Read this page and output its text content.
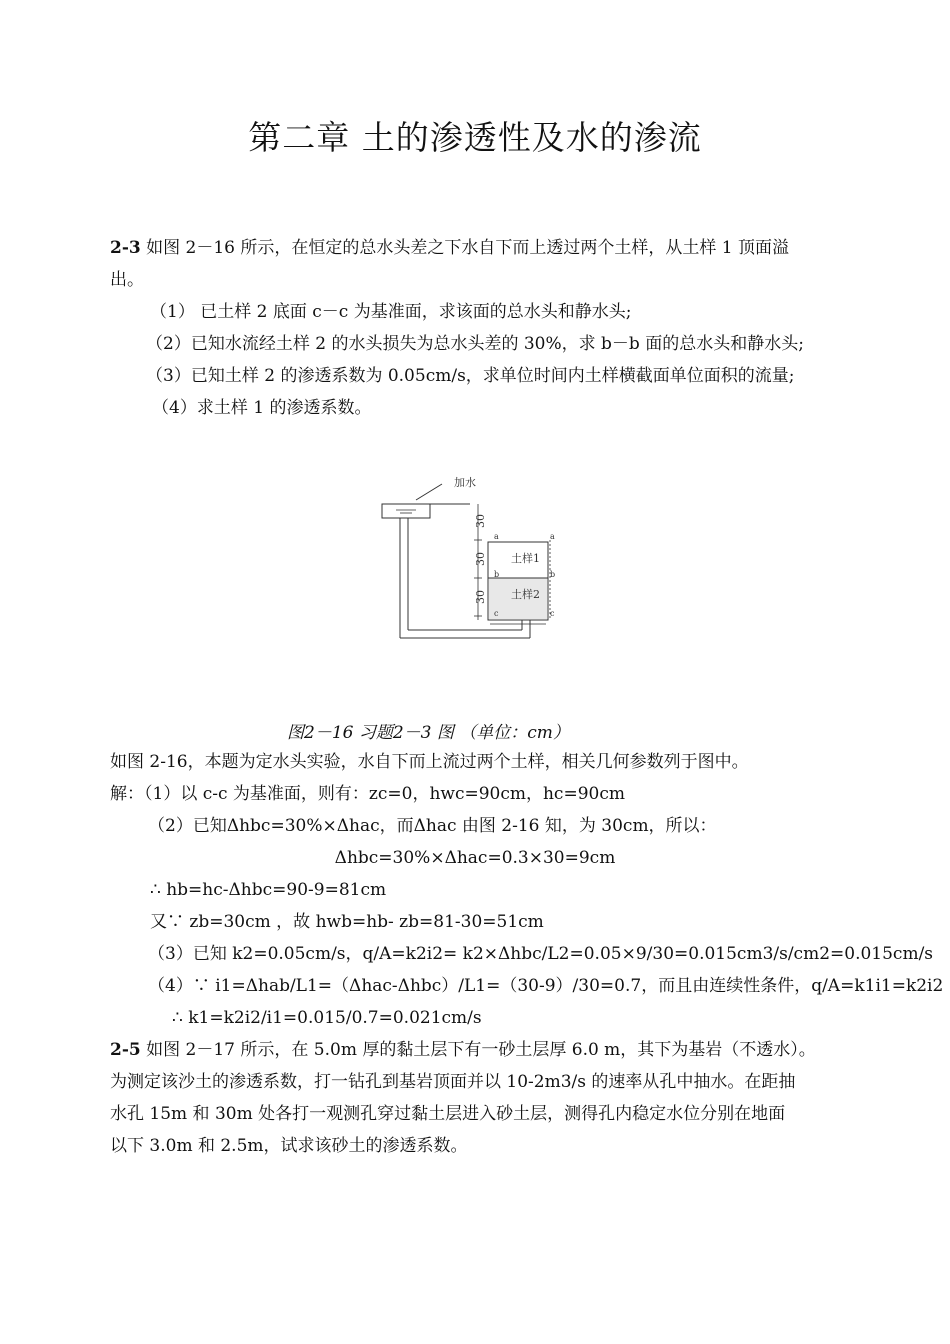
第二章 土的渗透性及水的渗流
2-3 如图 2－16 所示，在恒定的总水头差之下水自下而上透过两个土样，从土样 1 顶面溢
出。
（1） 已土样 2 底面 c－c 为基准面，求该面的总水头和静水头;
（2）已知水流经土样 2 的水头损失为总水头差的 30%，求 b－b 面的总水头和静水头;
（3）已知土样 2 的渗透系数为 0.05cm/s，求单位时间内土样横截面单位面积的流量;
（4）求土样 1 的渗透系数。
加水
30
30
30
a	a
b	b
c	c
土样1
土样2
图2－16 习题2－3 图 （单位：cm）
如图 2-16，本题为定水头实验，水自下而上流过两个土样，相关几何参数列于图中。
解：（1）以 c-c 为基准面，则有：zc=0，hwc=90cm，hc=90cm
（2）已知Δhbc=30%×Δhac，而Δhac 由图 2-16 知，为 30cm，所以：
Δhbc=30%×Δhac=0.3×30=9cm
∴ hb=hc-Δhbc=90-9=81cm
又∵ zb=30cm ，故 hwb=hb- zb=81-30=51cm
（3）已知 k2=0.05cm/s，q/A=k2i2= k2×Δhbc/L2=0.05×9/30=0.015cm3/s/cm2=0.015cm/s
（4）∵ i1=Δhab/L1=（Δhac-Δhbc）/L1=（30-9）/30=0.7，而且由连续性条件，q/A=k1i1=k2i2
∴ k1=k2i2/i1=0.015/0.7=0.021cm/s
2-5 如图 2－17 所示，在 5.0m 厚的黏土层下有一砂土层厚 6.0 m，其下为基岩（不透水）。
为测定该沙土的渗透系数，打一钻孔到基岩顶面并以 10-2m3/s 的速率从孔中抽水。在距抽
水孔 15m 和 30m 处各打一观测孔穿过黏土层进入砂土层，测得孔内稳定水位分别在地面
以下 3.0m 和 2.5m，试求该砂土的渗透系数。
